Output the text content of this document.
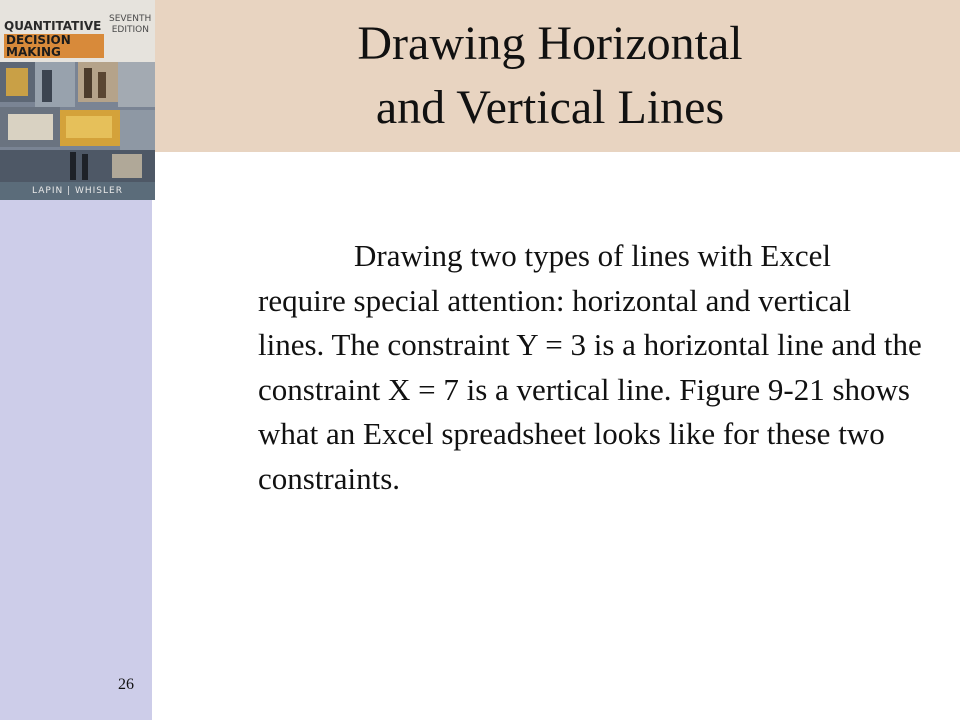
SEVENTH
EDITION
QUANTITATIVE
DECISION MAKING
LAPIN | WHISLER
Drawing Horizontal
and Vertical Lines
Drawing two types of lines with Excel require special attention: horizontal and vertical lines. The constraint Y = 3 is a horizontal line and the constraint X = 7 is a vertical line. Figure 9-21 shows what an Excel spreadsheet looks like for these two constraints.
26
